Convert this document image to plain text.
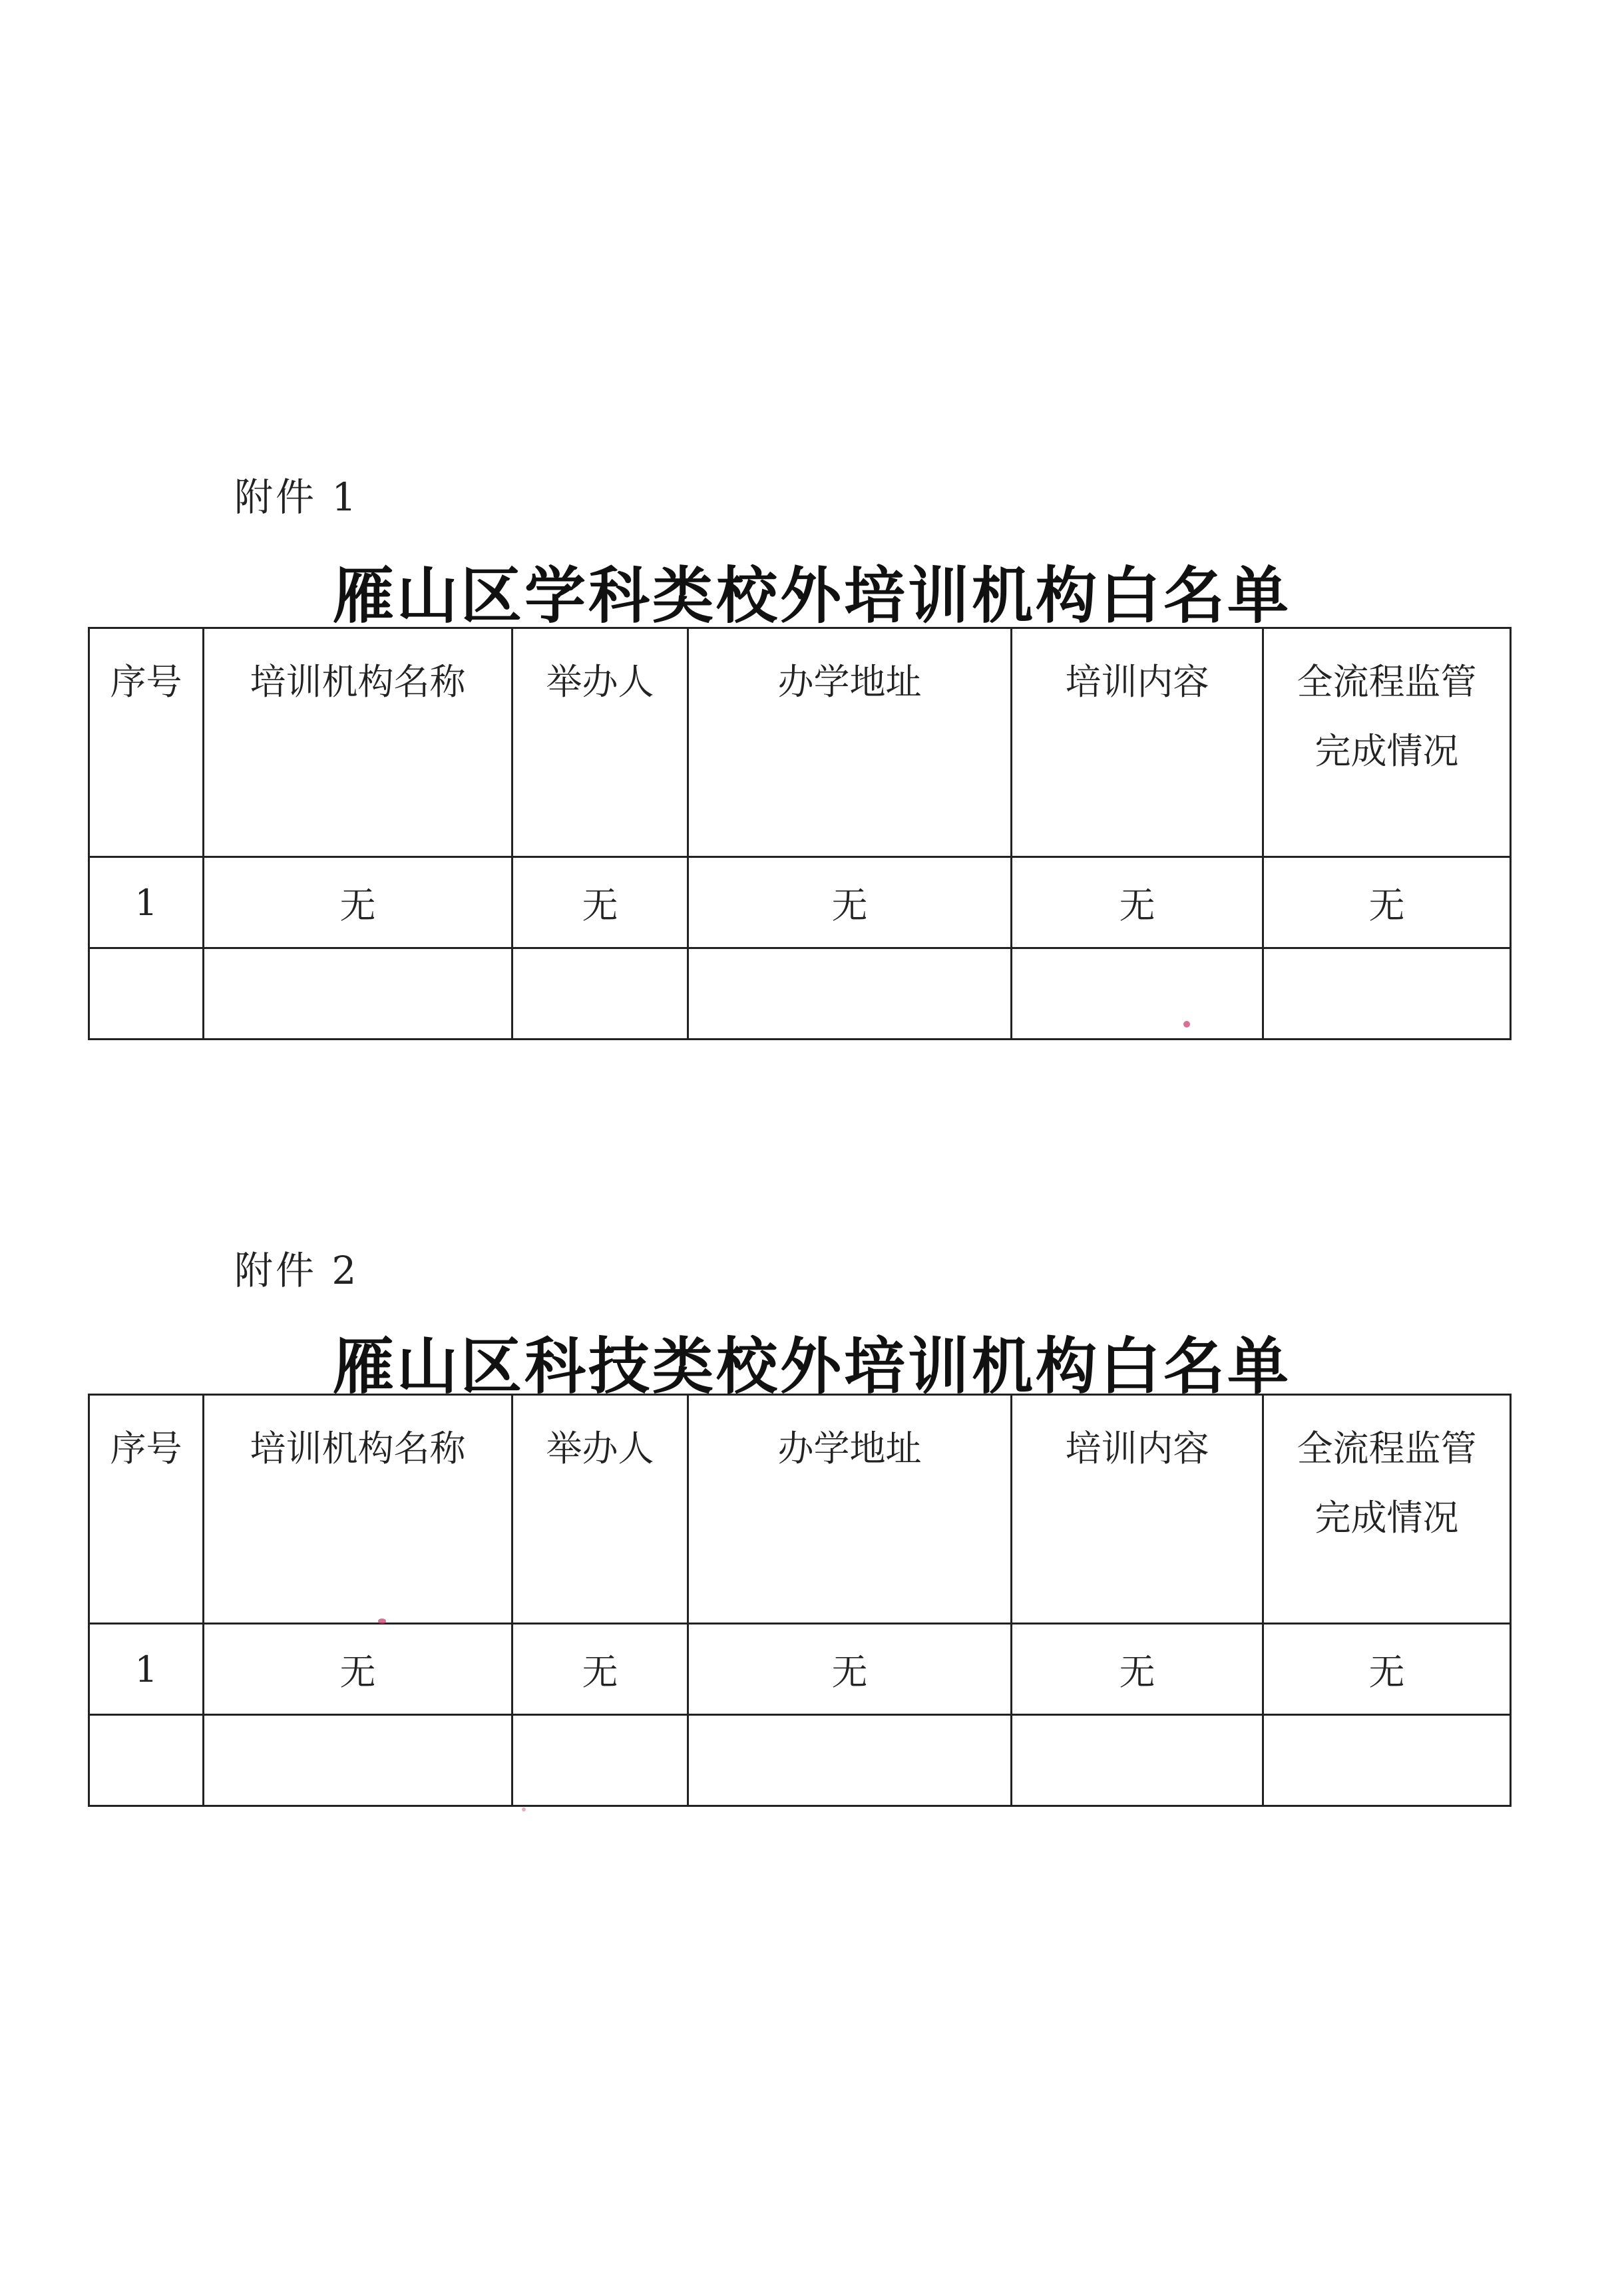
附件 1
雁山区学科类校外培训机构白名单
序号	培训机构名称	举办人	办学地址	培训内容	全流程监管
完成情况

1	无	无	无	无	无

附件 2
雁山区科技类校外培训机构白名单
序号	培训机构名称	举办人	办学地址	培训内容	全流程监管
完成情况

1	无	无	无	无	无
